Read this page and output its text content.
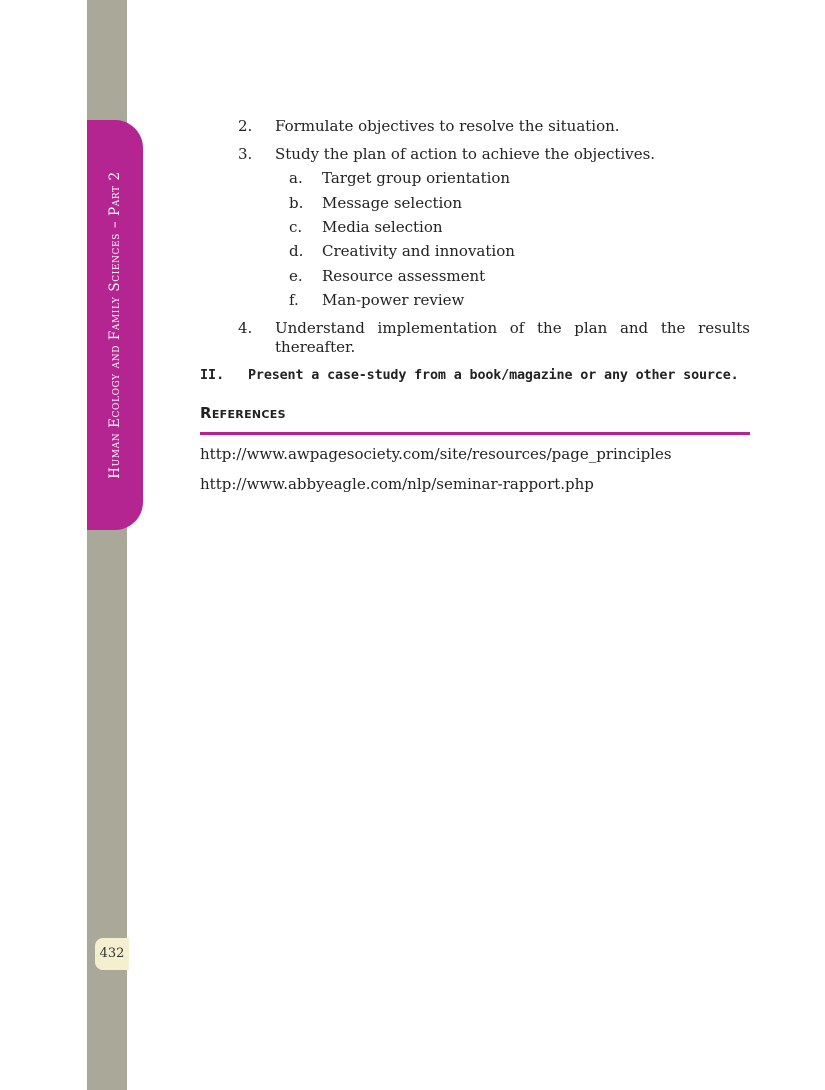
Human Ecology and Family Sciences – Part 2
432
2. Formulate objectives to resolve the situation.
3. Study the plan of action to achieve the objectives.
a. Target group orientation
b. Message selection
c. Media selection
d. Creativity and innovation
e. Resource assessment
f. Man-power review
4. Understand implementation of the plan and the results
thereafter.
II. Present a case-study from a book/magazine or any other source.
References
http://www.awpagesociety.com/site/resources/page_principles
http://www.abbyeagle.com/nlp/seminar-rapport.php
